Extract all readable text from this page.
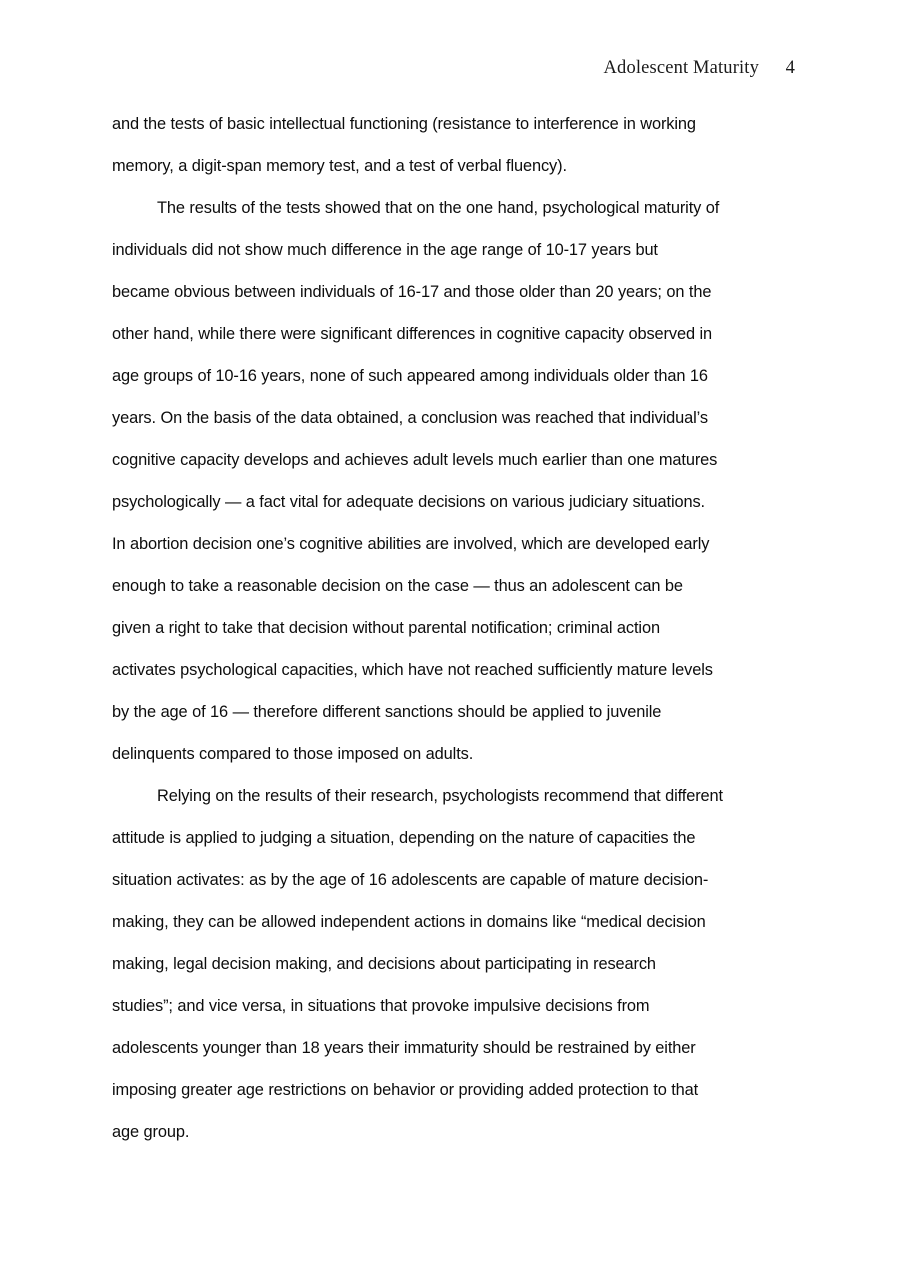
Adolescent Maturity 4

and the tests of basic intellectual functioning (resistance to interference in working
memory, a digit-span memory test, and a test of verbal fluency).

The results of the tests showed that on the one hand, psychological maturity of
individuals did not show much difference in the age range of 10-17 years but
became obvious between individuals of 16-17 and those older than 20 years; on the
other hand, while there were significant differences in cognitive capacity observed in
age groups of 10-16 years, none of such appeared among individuals older than 16
years. On the basis of the data obtained, a conclusion was reached that individual’s
cognitive capacity develops and achieves adult levels much earlier than one matures
psychologically — a fact vital for adequate decisions on various judiciary situations.
In abortion decision one’s cognitive abilities are involved, which are developed early
enough to take a reasonable decision on the case — thus an adolescent can be
given a right to take that decision without parental notification; criminal action
activates psychological capacities, which have not reached sufficiently mature levels
by the age of 16 — therefore different sanctions should be applied to juvenile
delinquents compared to those imposed on adults.

Relying on the results of their research, psychologists recommend that different
attitude is applied to judging a situation, depending on the nature of capacities the
situation activates: as by the age of 16 adolescents are capable of mature decision-
making, they can be allowed independent actions in domains like “medical decision
making, legal decision making, and decisions about participating in research
studies”; and vice versa, in situations that provoke impulsive decisions from
adolescents younger than 18 years their immaturity should be restrained by either
imposing greater age restrictions on behavior or providing added protection to that
age group.
